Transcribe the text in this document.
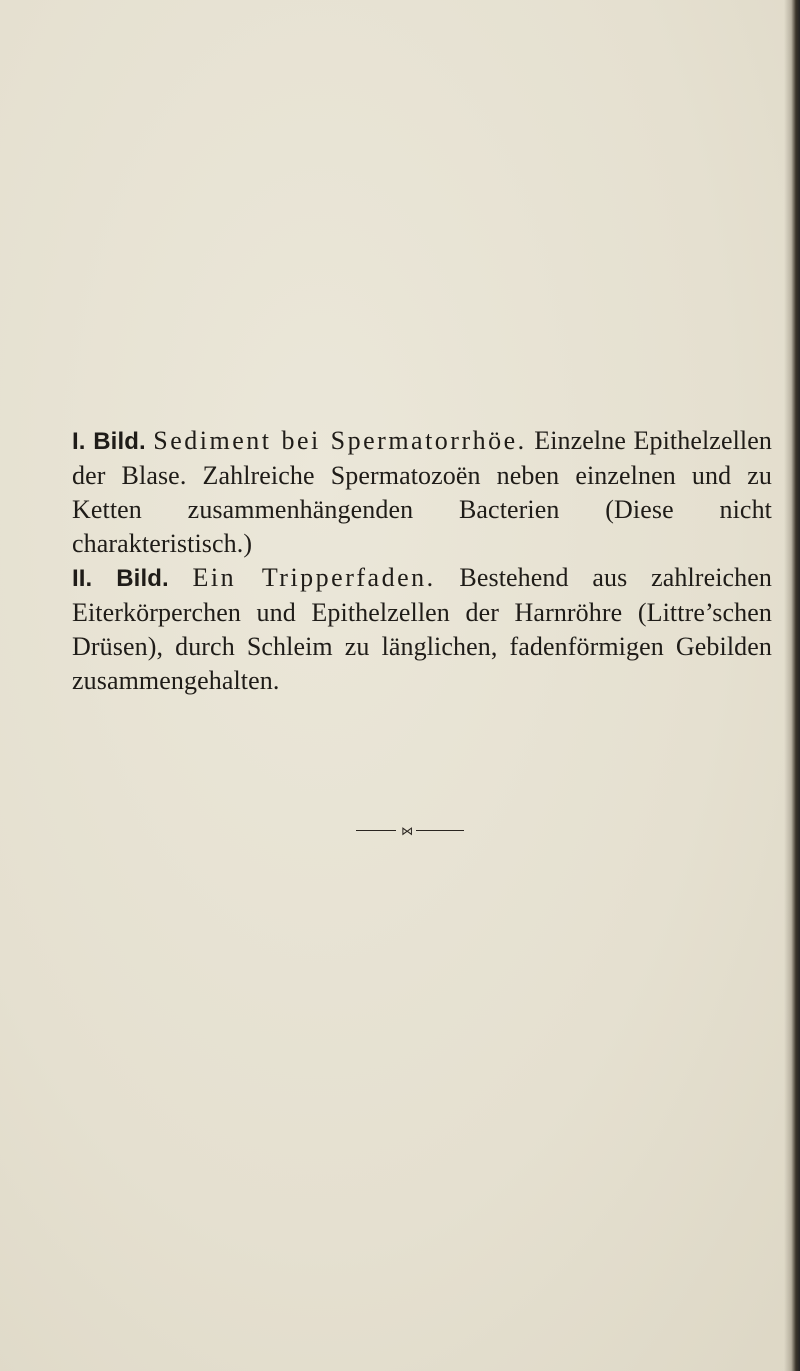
I. Bild. Sediment bei Spermatorrhöe. Einzelne Epithelzellen der Blase. Zahlreiche Spermatozoën neben einzelnen und zu Ketten zusammenhängenden Bacterien (Diese nicht charakteristisch.)

II. Bild. Ein Tripperfaden. Bestehend aus zahlreichen Eiterkörperchen und Epithelzellen der Harnröhre (Littre’schen Drüsen), durch Schleim zu länglichen, fadenförmigen Gebilden zusammengehalten.

⋈
